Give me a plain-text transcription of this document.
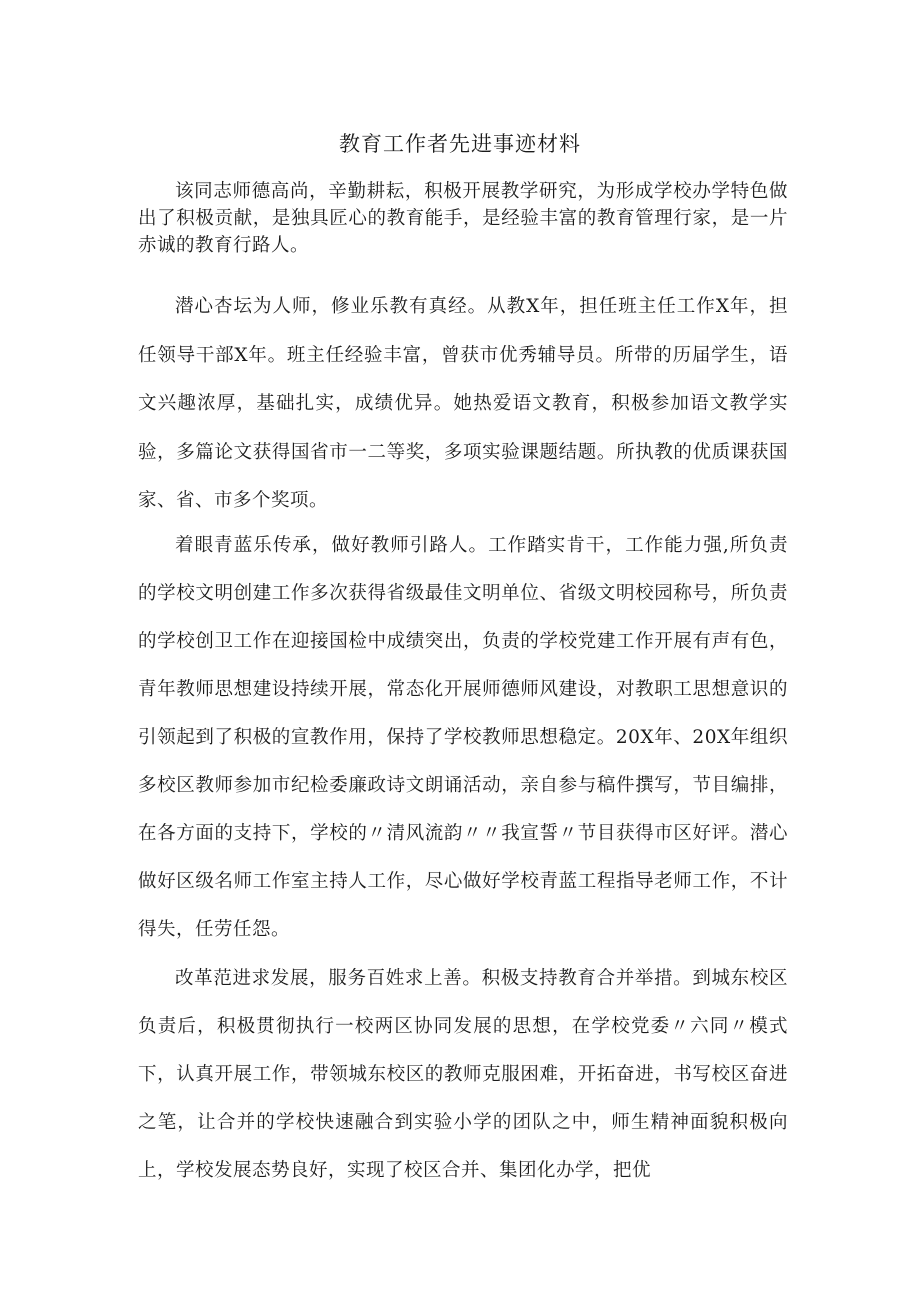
教育工作者先进事迹材料

该同志师德高尚，辛勤耕耘，积极开展教学研究，为形成学校办学特色做出了积极贡献，是独具匠心的教育能手，是经验丰富的教育管理行家，是一片赤诚的教育行路人。

潜心杏坛为人师，修业乐教有真经。从教X年，担任班主任工作X年，担任领导干部X年。班主任经验丰富，曾获市优秀辅导员。所带的历届学生，语文兴趣浓厚，基础扎实，成绩优异。她热爱语文教育，积极参加语文教学实验，多篇论文获得国省市一二等奖，多项实验课题结题。所执教的优质课获国家、省、市多个奖项。

着眼青蓝乐传承，做好教师引路人。工作踏实肯干，工作能力强,所负责的学校文明创建工作多次获得省级最佳文明单位、省级文明校园称号，所负责的学校创卫工作在迎接国检中成绩突出，负责的学校党建工作开展有声有色，青年教师思想建设持续开展，常态化开展师德师风建设，对教职工思想意识的引领起到了积极的宣教作用，保持了学校教师思想稳定。20X年、20X年组织多校区教师参加市纪检委廉政诗文朗诵活动，亲自参与稿件撰写，节目编排，在各方面的支持下，学校的〃清风流韵〃〃我宣誓〃节目获得市区好评。潜心做好区级名师工作室主持人工作，尽心做好学校青蓝工程指导老师工作，不计得失，任劳任怨。

改革范进求发展，服务百姓求上善。积极支持教育合并举措。到城东校区负责后，积极贯彻执行一校两区协同发展的思想，在学校党委〃六同〃模式下，认真开展工作，带领城东校区的教师克服困难，开拓奋进，书写校区奋进之笔，让合并的学校快速融合到实验小学的团队之中，师生精神面貌积极向上，学校发展态势良好，实现了校区合并、集团化办学，把优
